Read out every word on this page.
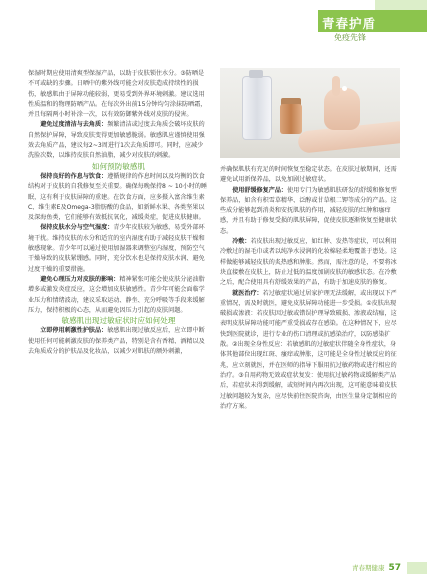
青春护盾
免疫先锋

保湿时期应使用清爽型保湿产品，以助于皮肤锁住水分。③防晒是不可或缺的步骤。日晒中的紫外线可能会对皮肤造成持续性的损伤，敏感肌由于屏障功能较弱，更易受到外界环境刺激。建议选用性质温和的物理防晒产品。在每次外出前15分钟均匀涂抹防晒霜，并且每隔两小时补涂一次，以有效防御紫外线对皮肤的侵害。

避免过度清洁与去角质：频繁清洁或过度去角质会破坏皮肤的自然保护屏障，导致皮肤变得更加敏感脆弱。敏感肌应谨慎使用强效去角质产品，建议每2~3周进行1次去角质即可。同时，应减少洗脸次数，以维持皮肤自然油脂，减少对皮肤的刺激。

如何预防敏感肌

保持良好的作息与饮食：遵循规律的作息时间以及均衡的饮食结构对于皮肤的自我修复至关重要。确保每晚保持8 ~ 10小时的睡眠，这有利于皮肤屏障的重建。在饮食方面，应多摄入富含维生素C、维生素E及Omega-3脂肪酸的食品，如新鲜水果、各类坚果以及深海鱼类，它们能够有效抵抗氧化，减缓炎症，促进皮肤健康。

保持皮肤水分与空气湿度：青少年皮肤较为敏感，易受外部环境干扰。维持皮肤的水分和适宜的室内湿度有助于减轻皮肤干燥和敏感现象。青少年可以通过使用加湿器来调整室内湿度，预防空气干燥导致的皮肤紧绷感。同时，充分饮水也是保持皮肤水润、避免过度干燥的重要措施。

避免心理压力对皮肤的影响：精神紧张可能会使皮肤分泌油脂增多或激发炎症反应，这会增加皮肤敏感性。青少年可能会面临学业压力和情绪波动，建议采取运动、静坐、充分呼吸等手段来缓解压力，保持积极的心态，从而避免因压力引起的皮肤问题。

敏感肌出现过敏症状时应如何处理

立即停用刺激性护肤品：敏感肌出现过敏反应后，应立即中断使用任何可能刺激皮肤的保养类产品，特别是含有香精、酒精以及去角质成分的护肤品及化妆品，以减少对肌肤的额外刺激，

并确保肌肤有充足的时间恢复至稳定状态。在皮肤过敏期间，还需避免试用新保养品，以免加剧过敏症状。

使用舒缓修复产品：使用专门为敏感肌肤研发的舒缓和修复型保养品，如含有积雪草精华、泛醇或甘草根二钾等成分的产品。这些成分能够起到消炎和安抚肌肤的作用，减轻皮肤的红肿和瘙痒感，并且有助于修复受损的肌肤屏障，促使皮肤逐渐恢复至健康状态。

冷敷：若皮肤出现过敏反应，如红肿、发热等症状，可以利用冷敷过的湿毛巾或者以纯净水浸润的化妆棉轻柔地覆盖于患处。这样做能够减轻皮肤的炙热感和肿胀。然而，需注意的是，不要将冰块直接敷在皮肤上，防止过低的温度加剧皮肤的敏感状态。在冷敷之后，配合使用具有舒缓效果的产品，有助于加速皮肤的修复。

就医治疗：若过敏症状通过居家护理无法缓解，或出现以下严重情况，需及时就医，避免皮肤屏障功能进一步受损。①皮肤出现破损或渗液：若皮肤因过敏或错误护理导致破损、渗液或结痂，这表明皮肤屏障功能可能严重受损或存在感染。在这种情况下，应尽快到医院就诊，进行专业的伤口清理或抗感染治疗，以防感染扩散。②出现全身性反应：若敏感肌的过敏症状伴随全身性症状，身体其他部位出现红斑、瘙痒或肿胀，这可能是全身性过敏反应的征兆，应立刻就医，并在医师的指导下服用抗过敏药物或进行相应的治疗。③自用药物无效或症状复发：使用抗过敏药物或缓解类产品后，若症状未得到缓解，或短时间内再次出现，这可能意味着皮肤过敏问题较为复杂，应尽快前往医院咨询，由医生量身定制相应的治疗方案。

青春期健康 57
